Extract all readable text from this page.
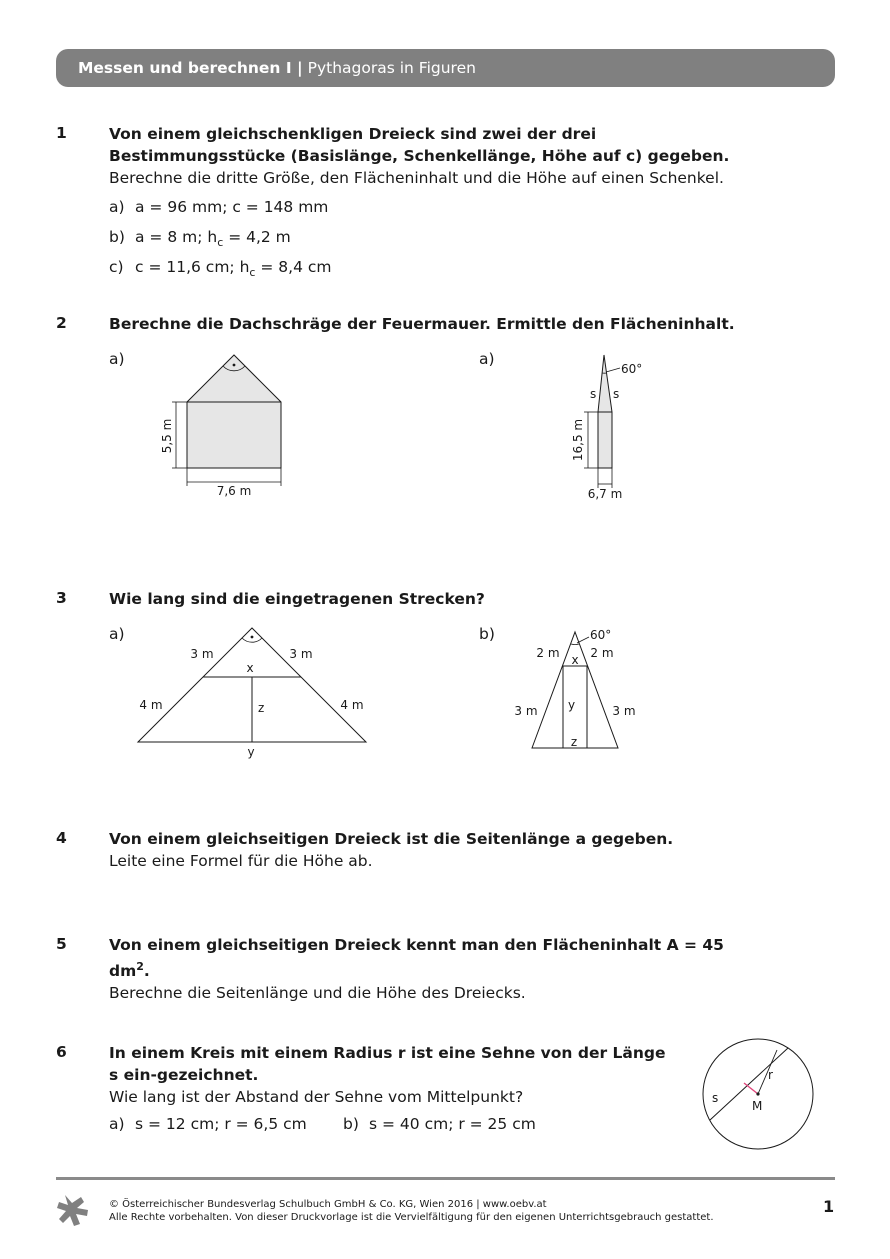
Messen und berechnen I | Pythagoras in Figuren
1	Von einem gleichschenkligen Dreieck sind zwei der drei Bestimmungsstücke (Basislänge, Schenkellänge, Höhe auf c) gegeben.
Berechne die dritte Größe, den Flächeninhalt und die Höhe auf einen Schenkel.
a) a = 96 mm; c = 148 mm
b) a = 8 m; $h_c = 4,2$ m
c) c = 11,6 cm; $h_c = 8,4$ cm
2	Berechne die Dachschräge der Feuermauer. Ermittle den Flächeninhalt.
a)	a)
5,5 m
7,6 m
60°
s s
16,5 m
6,7 m
3	Wie lang sind die eingetragenen Strecken?
a)	b)
3 m	3 m
x
4 m	4 m
z
y
60°
2 m	2 m
x
y
3 m	3 m
z
4	Von einem gleichseitigen Dreieck ist die Seitenlänge a gegeben.
Leite eine Formel für die Höhe ab.
5	Von einem gleichseitigen Dreieck kennt man den Flächeninhalt A = 45 $dm^2$.
Berechne die Seitenlänge und die Höhe des Dreiecks.
6	In einem Kreis mit einem Radius r ist eine Sehne von der Länge s ein-gezeichnet.
Wie lang ist der Abstand der Sehne vom Mittelpunkt?
a) s = 12 cm; r = 6,5 cm b) s = 40 cm; r = 25 cm
s
r
M
© Österreichischer Bundesverlag Schulbuch GmbH & Co. KG, Wien 2016 | www.oebv.at
Alle Rechte vorbehalten. Von dieser Druckvorlage ist die Vervielfältigung für den eigenen Unterrichtsgebrauch gestattet.
1
